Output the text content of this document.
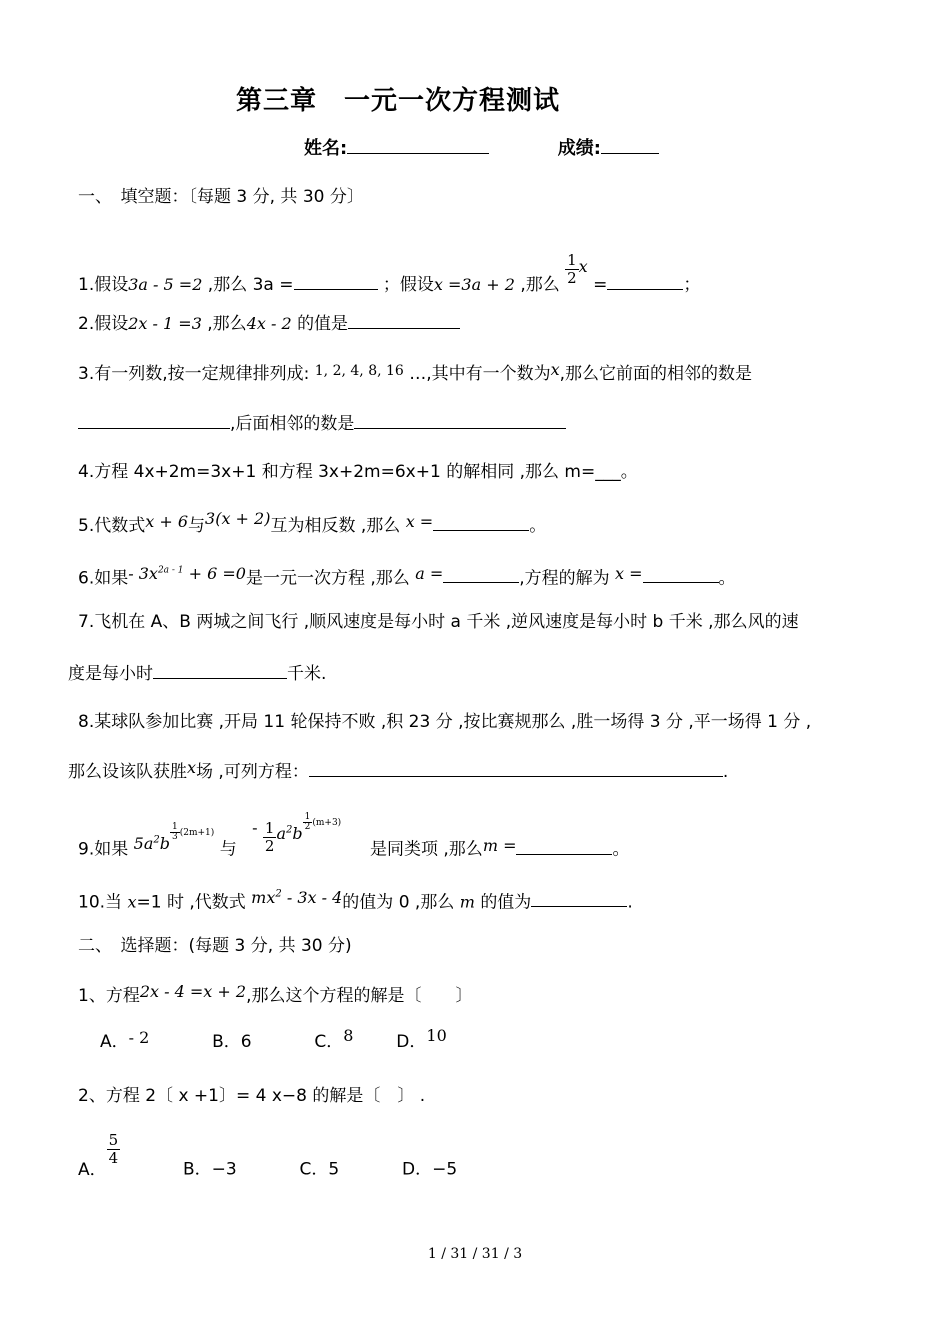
第三章　一元一次方程测试
姓名:	成绩:
一、　填空题：〔每题 3 分, 共 30 分〕
1.假设3a - 5 =2 ,那么 3a =	；假设x =3a + 2 ,那么 $\frac{1}{2}$ x =	；
2.假设2x - 1 =3 ,那么4x - 2 的值是
3.有一列数,按一定规律排列成: $^{1, 2, 4, 8, 16}$ …,其中有一个数为x,那么它前面的相邻的数是
,后面相邻的数是
4.方程 4x+2m=3x+1 和方程 3x+2m=6x+1 的解相同 ,那么 m=___。
5.代数式x + 6与3(x + 2)互为相反数 ,那么 x =	。
6.如果- $3x^{2a - 1} + 6 =0$是一元一次方程 ,那么 a =	,方程的解为 x =	。
7.飞机在 A、B 两城之间飞行 ,顺风速度是每小时 a 千米 ,逆风速度是每小时 b 千米 ,那么风的速
度是每小时	千米.
8.某球队参加比赛 ,开局 11 轮保持不败 ,积 23 分 ,按比赛规那么 ,胜一场得 3 分 ,平一场得 1 分 ,
那么设该队获胜x场 ,可列方程：	.
9.如果 $5a^2b$
$^{\frac{1}{3} (2m+1)}$ 与 - $\frac{1}{2} a^2b$
$^{\frac{1}{2} (m+3)}$  是同类项 ,那么m =	。
10.当 x=1 时 ,代数式 $mx^2 - 3x - 4$的值为 0 ,那么 m 的值为	.
二、　选择题：(每题 3 分, 共 30 分)
1、方程2x - 4 =x + 2,那么这个方程的解是〔　　〕
A．- 2	B．6	C．8	D．10
2、方程 2〔 x +1〕= 4 x−8 的解是〔　〕 .
A．
$\frac{5}{4}$
B．−3	C．5	D．−5
1 / 31 / 31 / 3
